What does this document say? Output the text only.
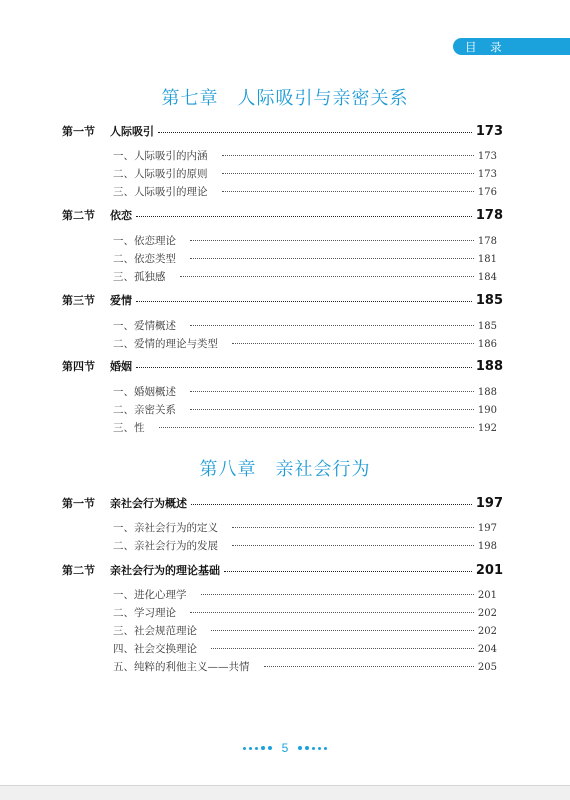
目 录
第七章　人际吸引与亲密关系
第一节	人际吸引	173
一、人际吸引的内涵	173
二、人际吸引的原则	173
三、人际吸引的理论	176
第二节	依恋	178
一、依恋理论	178
二、依恋类型	181
三、孤独感	184
第三节	爱情	185
一、爱情概述	185
二、爱情的理论与类型	186
第四节	婚姻	188
一、婚姻概述	188
二、亲密关系	190
三、性	192
第八章　亲社会行为
第一节	亲社会行为概述	197
一、亲社会行为的定义	197
二、亲社会行为的发展	198
第二节	亲社会行为的理论基础	201
一、进化心理学	201
二、学习理论	202
三、社会规范理论	202
四、社会交换理论	204
五、纯粹的利他主义——共情	205
5
